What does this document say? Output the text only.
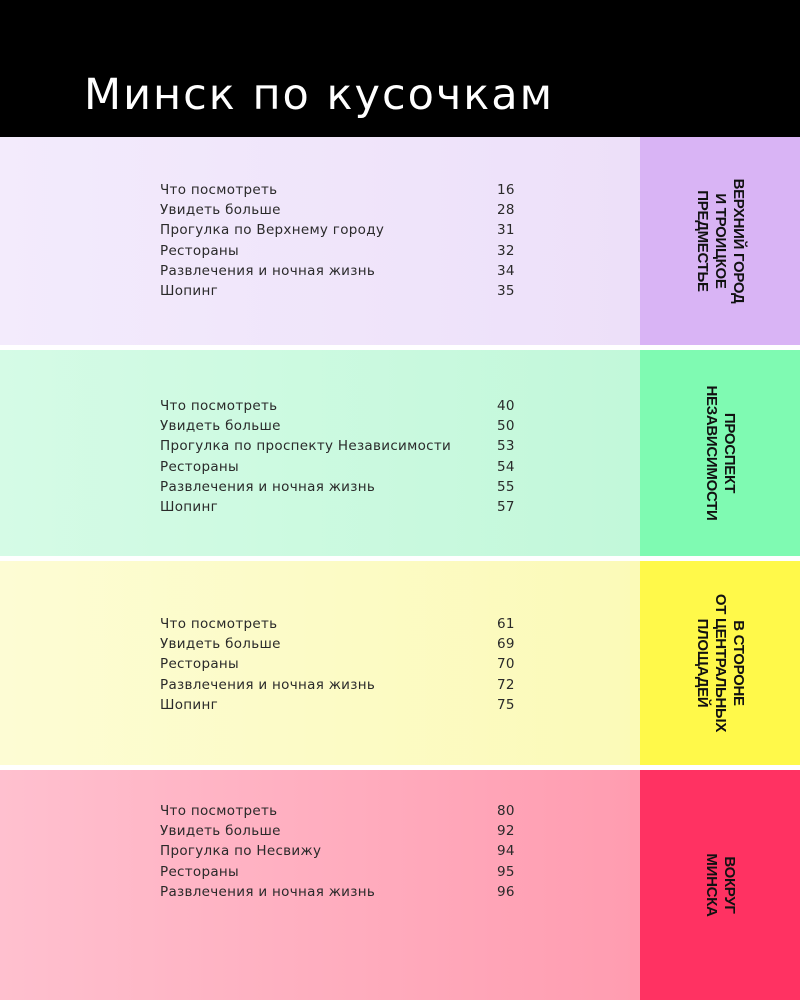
Минск по кусочкам
Что посмотреть	16
Увидеть больше	28
Прогулка по Верхнему городу	31
Рестораны	32
Развлечения и ночная жизнь	34
Шопинг	35
ВЕРХНИЙ ГОРОД
И ТРОИЦКОЕ
ПРЕДМЕСТЬЕ
Что посмотреть	40
Увидеть больше	50
Прогулка по проспекту Независимости	53
Рестораны	54
Развлечения и ночная жизнь	55
Шопинг	57
ПРОСПЕКТ
НЕЗАВИСИМОСТИ
Что посмотреть	61
Увидеть больше	69
Рестораны	70
Развлечения и ночная жизнь	72
Шопинг	75
В СТОРОНЕ
ОТ ЦЕНТРАЛЬНЫХ
ПЛОЩАДЕЙ
Что посмотреть	80
Увидеть больше	92
Прогулка по Несвижу	94
Рестораны	95
Развлечения и ночная жизнь	96	ВОКРУГ
МИНСКА
